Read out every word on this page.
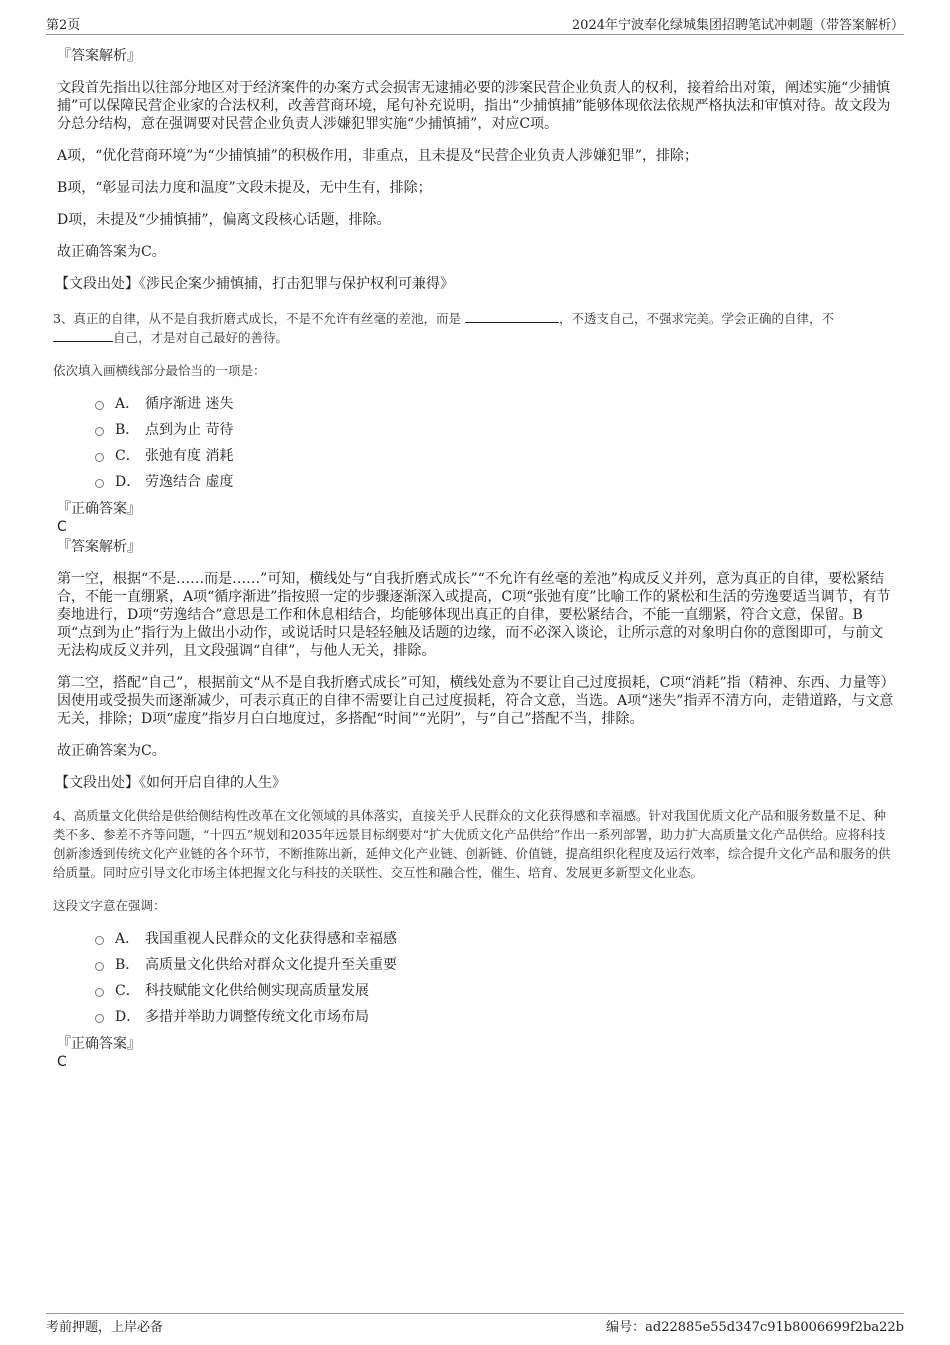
第2页	2024年宁波奉化绿城集团招聘笔试冲刺题（带答案解析）
『答案解析』

文段首先指出以往部分地区对于经济案件的办案方式会损害无逮捕必要的涉案民营企业负责人的权利，接着给出对策，阐述实施“少捕慎捕”可以保障民营企业家的合法权利，改善营商环境，尾句补充说明，指出“少捕慎捕”能够体现依法依规严格执法和审慎对待。故文段为分总分结构，意在强调要对民营企业负责人涉嫌犯罪实施“少捕慎捕”，对应C项。

A项，“优化营商环境”为“少捕慎捕”的积极作用，非重点，且未提及“民营企业负责人涉嫌犯罪”，排除；

B项，“彰显司法力度和温度”文段未提及，无中生有，排除；

D项，未提及“少捕慎捕”，偏离文段核心话题，排除。

故正确答案为C。

【文段出处】《涉民企案少捕慎捕，打击犯罪与保护权利可兼得》

3、真正的自律，从不是自我折磨式成长，不是不允许有丝毫的差池，而是	，不透支自己，不强求完美。学会正确的自律，不 自己，才是对自己最好的善待。
依次填入画横线部分最恰当的一项是：
A． 循序渐进 迷失
B． 点到为止 苛待
C． 张弛有度 消耗
D． 劳逸结合 虚度
『正确答案』
C
『答案解析』

第一空，根据“不是……而是……”可知，横线处与“自我折磨式成长”“不允许有丝毫的差池”构成反义并列，意为真正的自律，要松紧结合，不能一直绷紧，A项“循序渐进”指按照一定的步骤逐渐深入或提高，C项“张弛有度”比喻工作的紧松和生活的劳逸要适当调节，有节奏地进行，D项“劳逸结合”意思是工作和休息相结合，均能够体现出真正的自律，要松紧结合，不能一直绷紧，符合文意，保留。B项“点到为止”指行为上做出小动作，或说话时只是轻轻触及话题的边缘，而不必深入谈论，让所示意的对象明白你的意图即可，与前文无法构成反义并列，且文段强调“自律”，与他人无关，排除。

第二空，搭配“自己”，根据前文“从不是自我折磨式成长”可知，横线处意为不要让自己过度损耗，C项“消耗”指（精神、东西、力量等）因使用或受损失而逐渐减少，可表示真正的自律不需要让自己过度损耗，符合文意，当选。A项“迷失”指弄不清方向，走错道路，与文意无关，排除；D项“虚度”指岁月白白地度过，多搭配“时间”“光阴”，与“自己”搭配不当，排除。

故正确答案为C。

【文段出处】《如何开启自律的人生》

4、高质量文化供给是供给侧结构性改革在文化领域的具体落实，直接关乎人民群众的文化获得感和幸福感。针对我国优质文化产品和服务数量不足、种类不多、参差不齐等问题，“十四五”规划和2035年远景目标纲要对“扩大优质文化产品供给”作出一系列部署，助力扩大高质量文化产品供给。应将科技创新渗透到传统文化产业链的各个环节，不断推陈出新，延伸文化产业链、创新链、价值链，提高组织化程度及运行效率，综合提升文化产品和服务的供给质量。同时应引导文化市场主体把握文化与科技的关联性、交互性和融合性，催生、培育、发展更多新型文化业态。
这段文字意在强调：
A． 我国重视人民群众的文化获得感和幸福感
B． 高质量文化供给对群众文化提升至关重要
C． 科技赋能文化供给侧实现高质量发展
D． 多措并举助力调整传统文化市场布局
『正确答案』
C
考前押题，上岸必备	编号：ad22885e55d347c91b8006699f2ba22b
